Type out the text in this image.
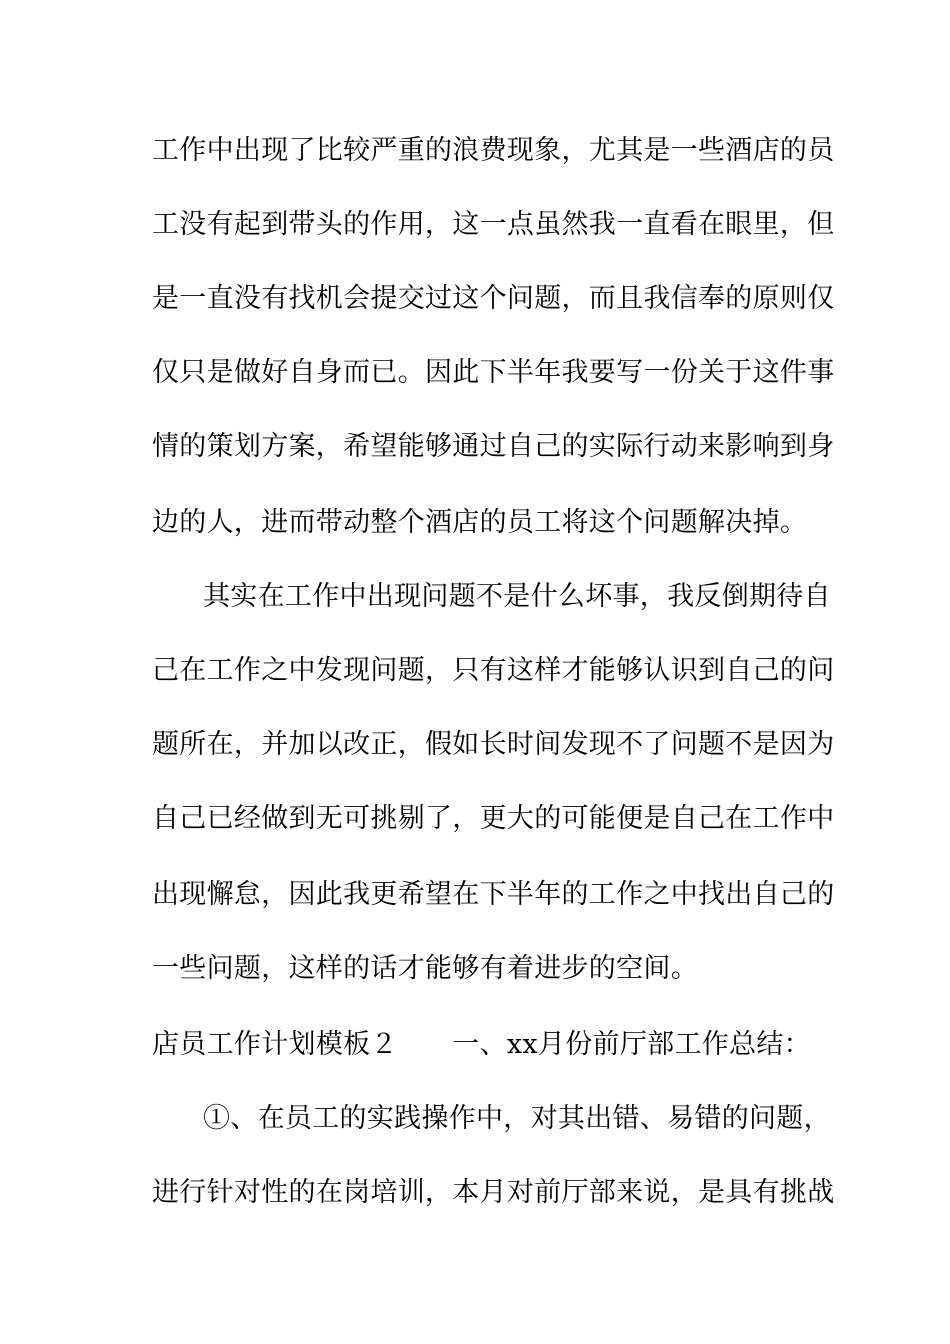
工作中出现了比较严重的浪费现象，尤其是一些酒店的员
工没有起到带头的作用，这一点虽然我一直看在眼里，但
是一直没有找机会提交过这个问题，而且我信奉的原则仅
仅只是做好自身而已。因此下半年我要写一份关于这件事
情的策划方案，希望能够通过自己的实际行动来影响到身
边的人，进而带动整个酒店的员工将这个问题解决掉。
其实在工作中出现问题不是什么坏事，我反倒期待自
己在工作之中发现问题，只有这样才能够认识到自己的问
题所在，并加以改正，假如长时间发现不了问题不是因为
自己已经做到无可挑剔了，更大的可能便是自己在工作中
出现懈怠，因此我更希望在下半年的工作之中找出自己的
一些问题，这样的话才能够有着进步的空间。
店员工作计划模板２　　一、xx月份前厅部工作总结：
①、在员工的实践操作中，对其出错、易错的问题，
进行针对性的在岗培训，本月对前厅部来说，是具有挑战
